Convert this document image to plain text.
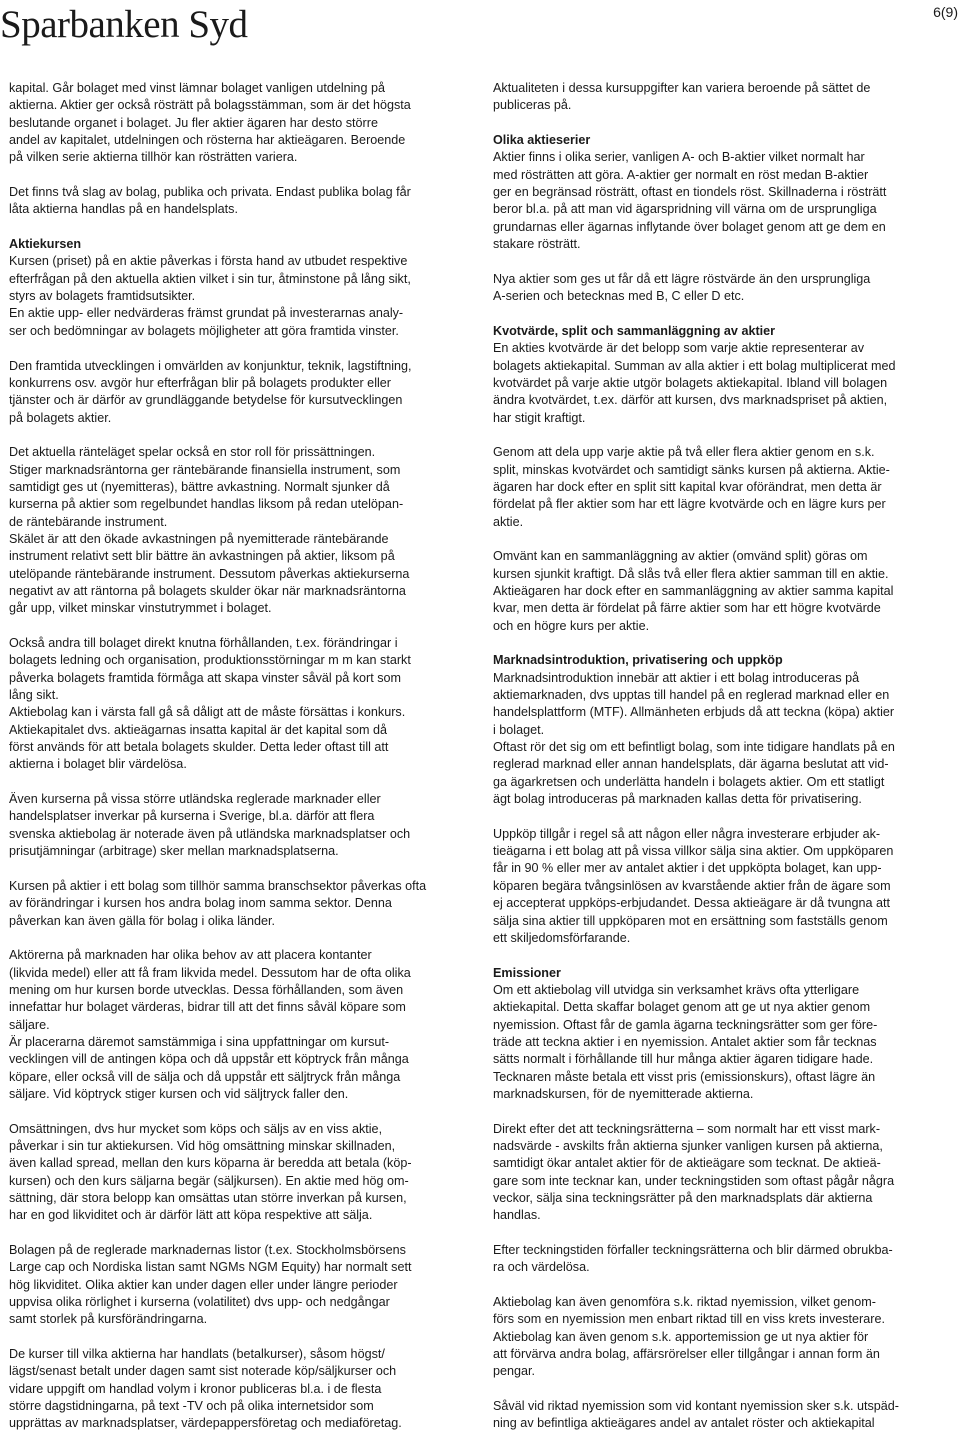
Sparbanken Syd	6(9)

kapital. Går bolaget med vinst lämnar bolaget vanligen utdelning på
aktierna. Aktier ger också rösträtt på bolagsstämman, som är det högsta
beslutande organet i bolaget. Ju fler aktier ägaren har desto större
andel av kapitalet, utdelningen och rösterna har aktieägaren. Beroende
på vilken serie aktierna tillhör kan rösträtten variera.

Det finns två slag av bolag, publika och privata. Endast publika bolag får
låta aktierna handlas på en handelsplats.

Aktiekursen
Kursen (priset) på en aktie påverkas i första hand av utbudet respektive
efterfrågan på den aktuella aktien vilket i sin tur, åtminstone på lång sikt,
styrs av bolagets framtidsutsikter.
En aktie upp- eller nedvärderas främst grundat på investerarnas analy-
ser och bedömningar av bolagets möjligheter att göra framtida vinster.

Den framtida utvecklingen i omvärlden av konjunktur, teknik, lagstiftning,
konkurrens osv. avgör hur efterfrågan blir på bolagets produkter eller
tjänster och är därför av grundläggande betydelse för kursutvecklingen
på bolagets aktier.

Det aktuella ränteläget spelar också en stor roll för prissättningen.
Stiger marknadsräntorna ger räntebärande finansiella instrument, som
samtidigt ges ut (nyemitteras), bättre avkastning. Normalt sjunker då
kurserna på aktier som regelbundet handlas liksom på redan utelöpan-
de räntebärande instrument.
Skälet är att den ökade avkastningen på nyemitterade räntebärande
instrument relativt sett blir bättre än avkastningen på aktier, liksom på
utelöpande räntebärande instrument. Dessutom påverkas aktiekurserna
negativt av att räntorna på bolagets skulder ökar när marknadsräntorna
går upp, vilket minskar vinstutrymmet i bolaget.

Också andra till bolaget direkt knutna förhållanden, t.ex. förändringar i
bolagets ledning och organisation, produktionsstörningar m m kan starkt
påverka bolagets framtida förmåga att skapa vinster såväl på kort som
lång sikt.
Aktiebolag kan i värsta fall gå så dåligt att de måste försättas i konkurs.
Aktiekapitalet dvs. aktieägarnas insatta kapital är det kapital som då
först används för att betala bolagets skulder. Detta leder oftast till att
aktierna i bolaget blir värdelösa.

Även kurserna på vissa större utländska reglerade marknader eller
handelsplatser inverkar på kurserna i Sverige, bl.a. därför att flera
svenska aktiebolag är noterade även på utländska marknadsplatser och
prisutjämningar (arbitrage) sker mellan marknadsplatserna.

Kursen på aktier i ett bolag som tillhör samma branschsektor påverkas ofta
av förändringar i kursen hos andra bolag inom samma sektor. Denna
påverkan kan även gälla för bolag i olika länder.

Aktörerna på marknaden har olika behov av att placera kontanter
(likvida medel) eller att få fram likvida medel. Dessutom har de ofta olika
mening om hur kursen borde utvecklas. Dessa förhållanden, som även
innefattar hur bolaget värderas, bidrar till att det finns såväl köpare som
säljare.
Är placerarna däremot samstämmiga i sina uppfattningar om kursut-
vecklingen vill de antingen köpa och då uppstår ett köptryck från många
köpare, eller också vill de sälja och då uppstår ett säljtryck från många
säljare. Vid köptryck stiger kursen och vid säljtryck faller den.

Omsättningen, dvs hur mycket som köps och säljs av en viss aktie,
påverkar i sin tur aktiekursen. Vid hög omsättning minskar skillnaden,
även kallad spread, mellan den kurs köparna är beredda att betala (köp-
kursen) och den kurs säljarna begär (säljkursen). En aktie med hög om-
sättning, där stora belopp kan omsättas utan större inverkan på kursen,
har en god likviditet och är därför lätt att köpa respektive att sälja.

Bolagen på de reglerade marknadernas listor (t.ex. Stockholmsbörsens
Large cap och Nordiska listan samt NGMs NGM Equity) har normalt sett
hög likviditet. Olika aktier kan under dagen eller under längre perioder
uppvisa olika rörlighet i kurserna (volatilitet) dvs upp- och nedgångar
samt storlek på kursförändringarna.

De kurser till vilka aktierna har handlats (betalkurser), såsom högst/
lägst/senast betalt under dagen samt sist noterade köp/säljkurser och
vidare uppgift om handlad volym i kronor publiceras bl.a. i de flesta
större dagstidningarna, på text -TV och på olika internetsidor som
upprättas av marknadsplatser, värdepappersföretag och mediaföretag.

Aktualiteten i dessa kursuppgifter kan variera beroende på sättet de
publiceras på.

Olika aktieserier
Aktier finns i olika serier, vanligen A- och B-aktier vilket normalt har
med rösträtten att göra. A-aktier ger normalt en röst medan B-aktier
ger en begränsad rösträtt, oftast en tiondels röst. Skillnaderna i rösträtt
beror bl.a. på att man vid ägarspridning vill värna om de ursprungliga
grundarnas eller ägarnas inflytande över bolaget genom att ge dem en
stakare rösträtt.

Nya aktier som ges ut får då ett lägre röstvärde än den ursprungliga
A-serien och betecknas med B, C eller D etc.

Kvotvärde, split och sammanläggning av aktier
En akties kvotvärde är det belopp som varje aktie representerar av
bolagets aktiekapital. Summan av alla aktier i ett bolag multiplicerat med
kvotvärdet på varje aktie utgör bolagets aktiekapital. Ibland vill bolagen
ändra kvotvärdet, t.ex. därför att kursen, dvs marknadspriset på aktien,
har stigit kraftigt.

Genom att dela upp varje aktie på två eller flera aktier genom en s.k.
split, minskas kvotvärdet och samtidigt sänks kursen på aktierna. Aktie-
ägaren har dock efter en split sitt kapital kvar oförändrat, men detta är
fördelat på fler aktier som har ett lägre kvotvärde och en lägre kurs per
aktie.

Omvänt kan en sammanläggning av aktier (omvänd split) göras om
kursen sjunkit kraftigt. Då slås två eller flera aktier samman till en aktie.
Aktieägaren har dock efter en sammanläggning av aktier samma kapital
kvar, men detta är fördelat på färre aktier som har ett högre kvotvärde
och en högre kurs per aktie.

Marknadsintroduktion, privatisering och uppköp
Marknadsintroduktion innebär att aktier i ett bolag introduceras på
aktiemarknaden, dvs upptas till handel på en reglerad marknad eller en
handelsplattform (MTF). Allmänheten erbjuds då att teckna (köpa) aktier
i bolaget.
Oftast rör det sig om ett befintligt bolag, som inte tidigare handlats på en
reglerad marknad eller annan handelsplats, där ägarna beslutat att vid-
ga ägarkretsen och underlätta handeln i bolagets aktier. Om ett statligt
ägt bolag introduceras på marknaden kallas detta för privatisering.

Uppköp tillgår i regel så att någon eller några investerare erbjuder ak-
tieägarna i ett bolag att på vissa villkor sälja sina aktier. Om uppköparen
får in 90 % eller mer av antalet aktier i det uppköpta bolaget, kan upp-
köparen begära tvångsinlösen av kvarstående aktier från de ägare som
ej accepterat uppköps-erbjudandet. Dessa aktieägare är då tvungna att
sälja sina aktier till uppköparen mot en ersättning som fastställs genom
ett skiljedomsförfarande.

Emissioner
Om ett aktiebolag vill utvidga sin verksamhet krävs ofta ytterligare
aktiekapital. Detta skaffar bolaget genom att ge ut nya aktier genom
nyemission. Oftast får de gamla ägarna teckningsrätter som ger före-
träde att teckna aktier i en nyemission. Antalet aktier som får tecknas
sätts normalt i förhållande till hur många aktier ägaren tidigare hade.
Tecknaren måste betala ett visst pris (emissionskurs), oftast lägre än
marknadskursen, för de nyemitterade aktierna.

Direkt efter det att teckningsrätterna – som normalt har ett visst mark-
nadsvärde - avskilts från aktierna sjunker vanligen kursen på aktierna,
samtidigt ökar antalet aktier för de aktieägare som tecknat. De aktieä-
gare som inte tecknar kan, under teckningstiden som oftast pågår några
veckor, sälja sina teckningsrätter på den marknadsplats där aktierna
handlas.

Efter teckningstiden förfaller teckningsrätterna och blir därmed obrukba-
ra och värdelösa.

Aktiebolag kan även genomföra s.k. riktad nyemission, vilket genom-
förs som en nyemission men enbart riktad till en viss krets investerare.
Aktiebolag kan även genom s.k. apportemission ge ut nya aktier för
att förvärva andra bolag, affärsrörelser eller tillgångar i annan form än
pengar.

Såväl vid riktad nyemission som vid kontant nyemission sker s.k. utspäd-
ning av befintliga aktieägares andel av antalet röster och aktiekapital
